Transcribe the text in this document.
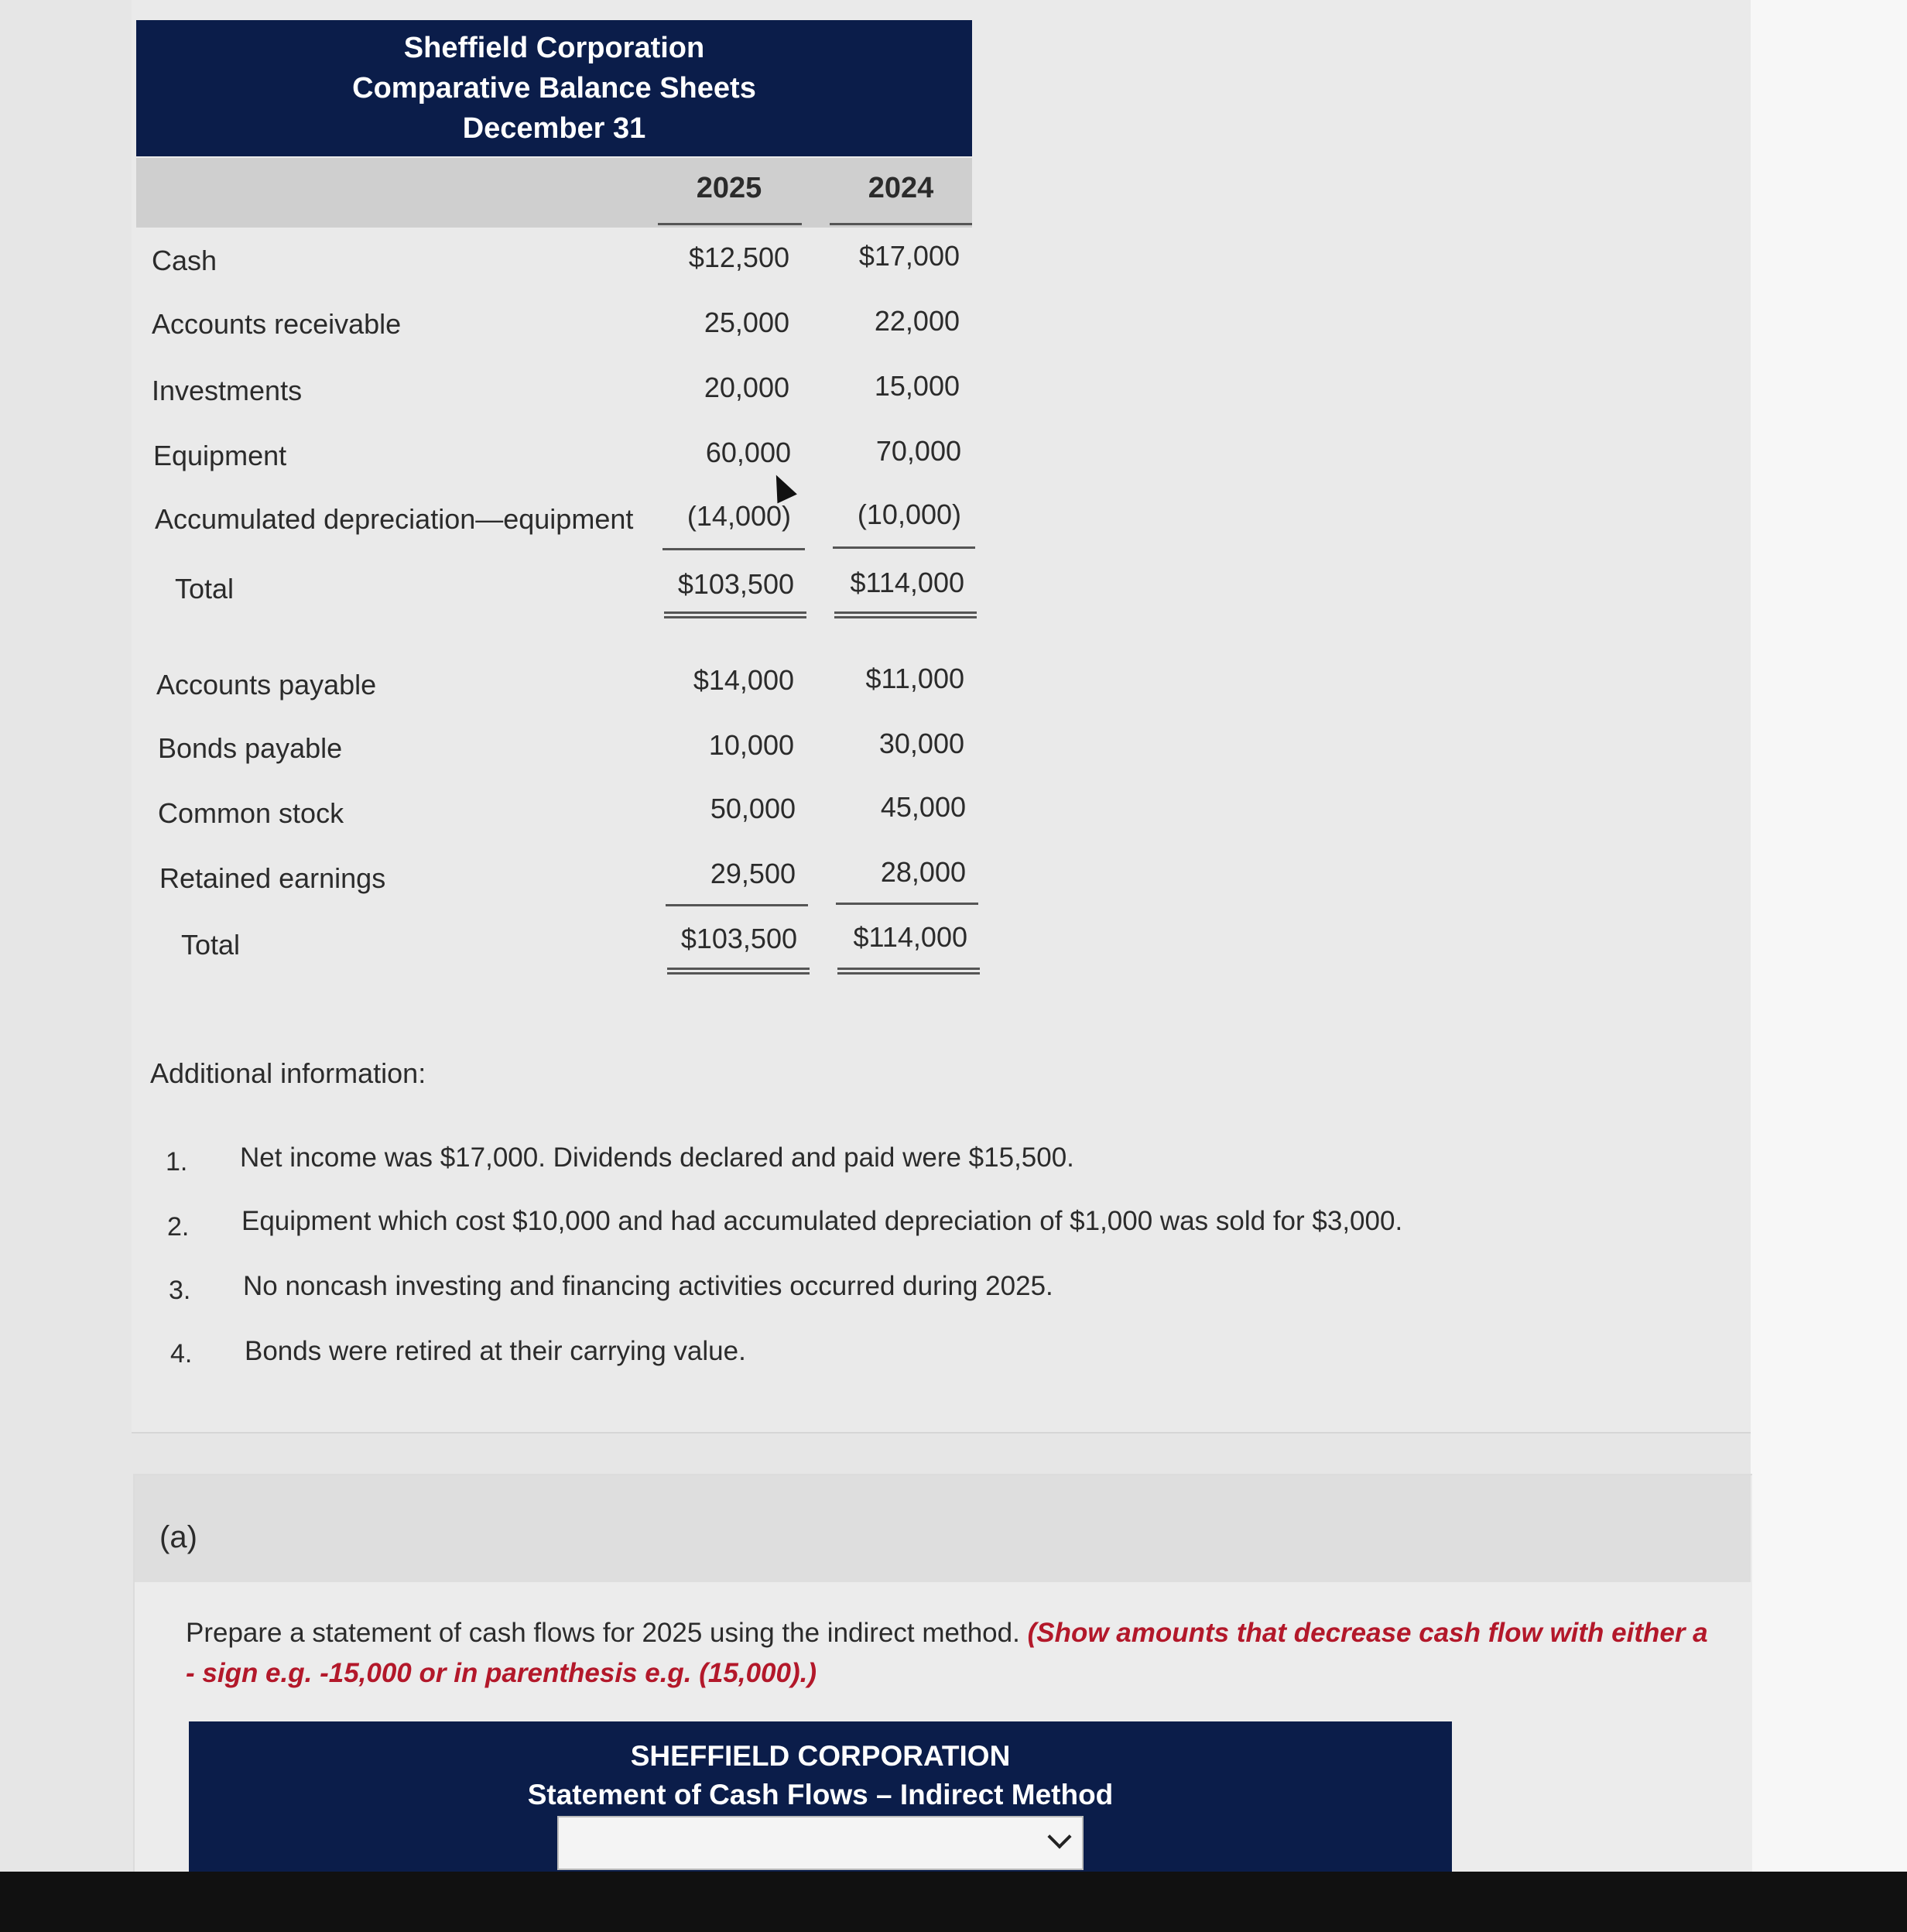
Sheffield Corporation
Comparative Balance Sheets
December 31
2025	2024
Cash	$12,500	$17,000
Accounts receivable	25,000	22,000
Investments	20,000	15,000
Equipment	60,000	70,000
Accumulated depreciation—equipment	(14,000)	(10,000)
Total	$103,500	$114,000
Accounts payable	$14,000	$11,000
Bonds payable	10,000	30,000
Common stock	50,000	45,000
Retained earnings	29,500	28,000
Total	$103,500	$114,000
Additional information:
1. Net income was $17,000. Dividends declared and paid were $15,500.
2. Equipment which cost $10,000 and had accumulated depreciation of $1,000 was sold for $3,000.
3. No noncash investing and financing activities occurred during 2025.
4. Bonds were retired at their carrying value.
(a)
Prepare a statement of cash flows for 2025 using the indirect method. (Show amounts that decrease cash flow with either a - sign e.g. -15,000 or in parenthesis e.g. (15,000).)
SHEFFIELD CORPORATION
Statement of Cash Flows – Indirect Method
